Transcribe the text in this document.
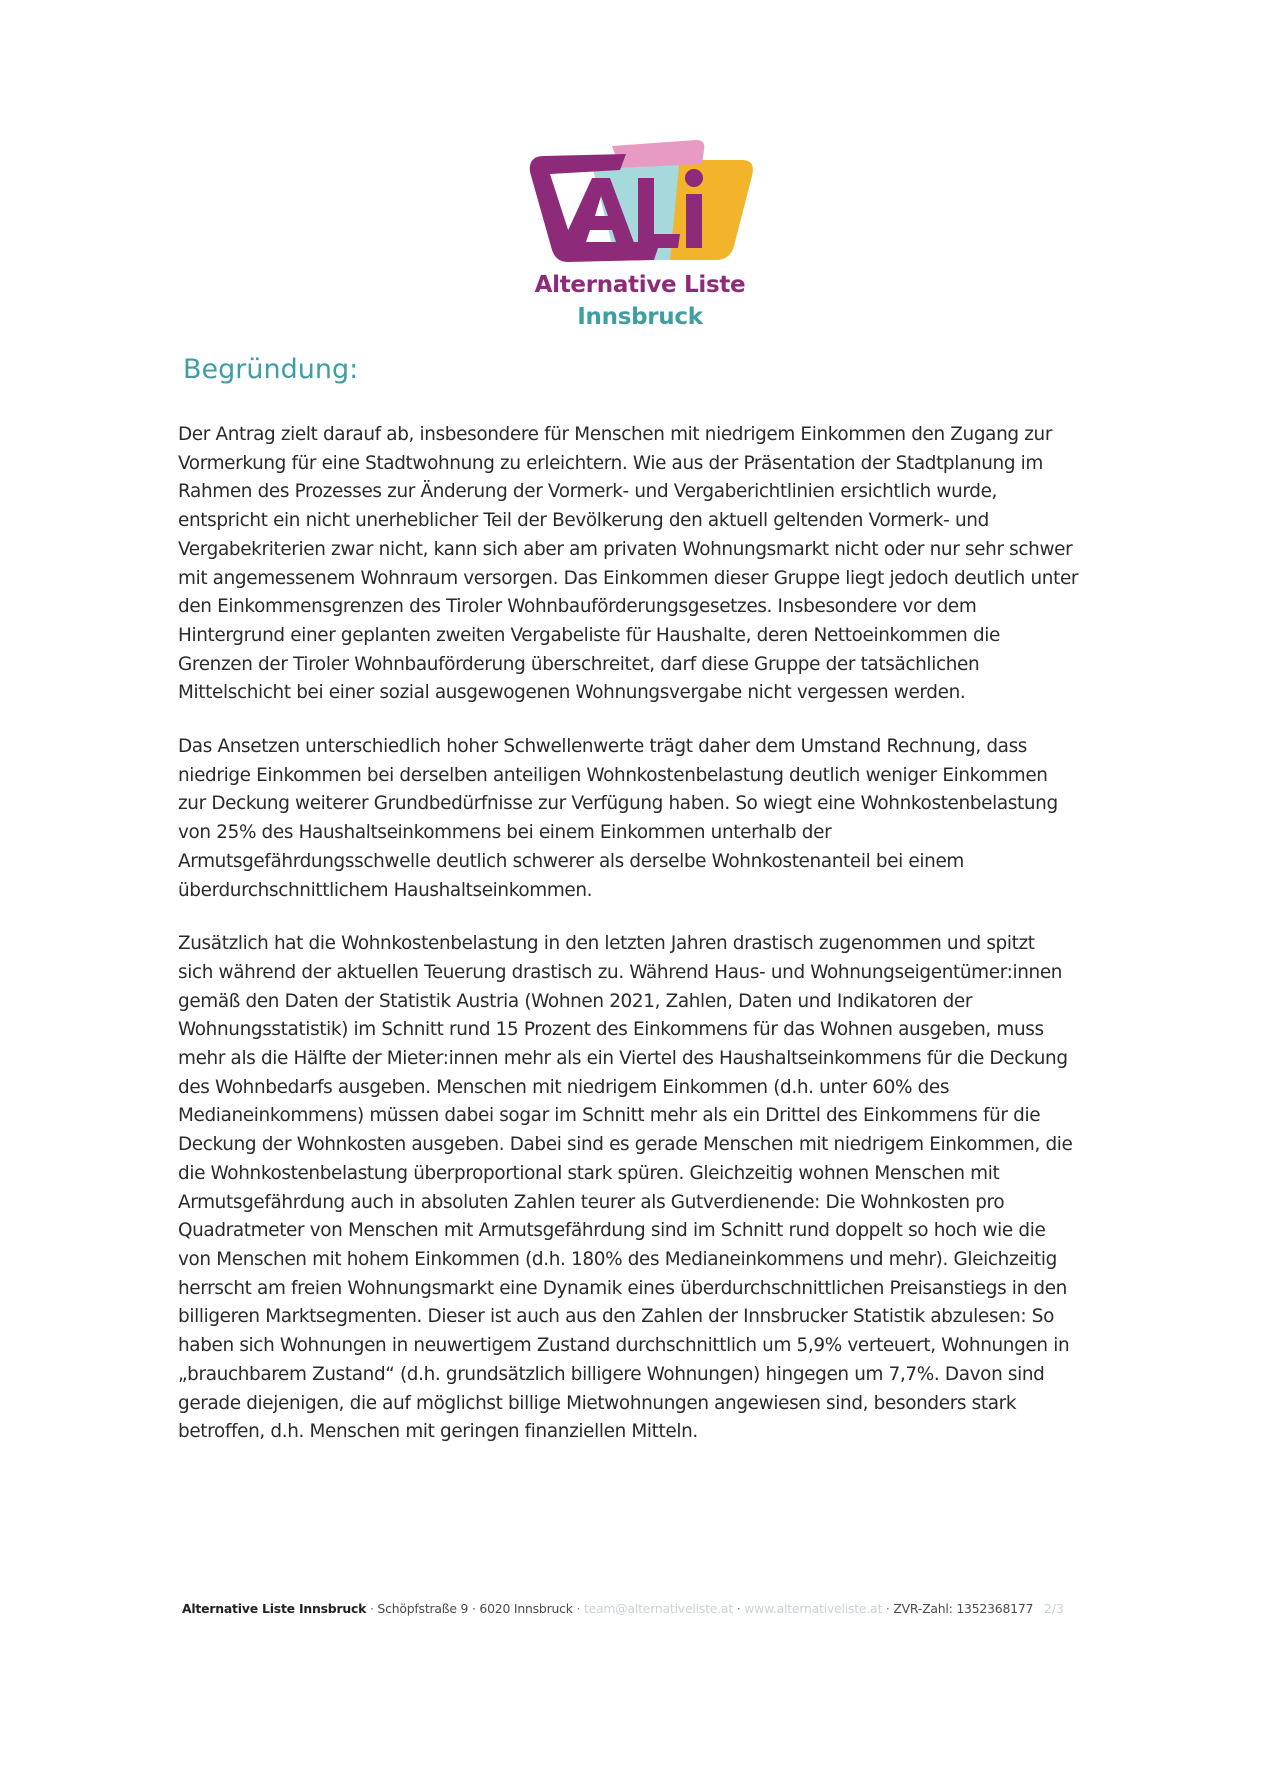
Alternative Liste
Innsbruck
Begründung:

Der Antrag zielt darauf ab, insbesondere für Menschen mit niedrigem Einkommen den Zugang zur
Vormerkung für eine Stadtwohnung zu erleichtern. Wie aus der Präsentation der Stadtplanung im
Rahmen des Prozesses zur Änderung der Vormerk- und Vergaberichtlinien ersichtlich wurde,
entspricht ein nicht unerheblicher Teil der Bevölkerung den aktuell geltenden Vormerk- und
Vergabekriterien zwar nicht, kann sich aber am privaten Wohnungsmarkt nicht oder nur sehr schwer
mit angemessenem Wohnraum versorgen. Das Einkommen dieser Gruppe liegt jedoch deutlich unter
den Einkommensgrenzen des Tiroler Wohnbauförderungsgesetzes. Insbesondere vor dem
Hintergrund einer geplanten zweiten Vergabeliste für Haushalte, deren Nettoeinkommen die
Grenzen der Tiroler Wohnbauförderung überschreitet, darf diese Gruppe der tatsächlichen
Mittelschicht bei einer sozial ausgewogenen Wohnungsvergabe nicht vergessen werden.

Das Ansetzen unterschiedlich hoher Schwellenwerte trägt daher dem Umstand Rechnung, dass
niedrige Einkommen bei derselben anteiligen Wohnkostenbelastung deutlich weniger Einkommen
zur Deckung weiterer Grundbedürfnisse zur Verfügung haben. So wiegt eine Wohnkostenbelastung
von 25% des Haushaltseinkommens bei einem Einkommen unterhalb der
Armutsgefährdungsschwelle deutlich schwerer als derselbe Wohnkostenanteil bei einem
überdurchschnittlichem Haushaltseinkommen.

Zusätzlich hat die Wohnkostenbelastung in den letzten Jahren drastisch zugenommen und spitzt
sich während der aktuellen Teuerung drastisch zu. Während Haus- und Wohnungseigentümer:innen
gemäß den Daten der Statistik Austria (Wohnen 2021, Zahlen, Daten und Indikatoren der
Wohnungsstatistik) im Schnitt rund 15 Prozent des Einkommens für das Wohnen ausgeben, muss
mehr als die Hälfte der Mieter:innen mehr als ein Viertel des Haushaltseinkommens für die Deckung
des Wohnbedarfs ausgeben. Menschen mit niedrigem Einkommen (d.h. unter 60% des
Medianeinkommens) müssen dabei sogar im Schnitt mehr als ein Drittel des Einkommens für die
Deckung der Wohnkosten ausgeben. Dabei sind es gerade Menschen mit niedrigem Einkommen, die
die Wohnkostenbelastung überproportional stark spüren. Gleichzeitig wohnen Menschen mit
Armutsgefährdung auch in absoluten Zahlen teurer als Gutverdienende: Die Wohnkosten pro
Quadratmeter von Menschen mit Armutsgefährdung sind im Schnitt rund doppelt so hoch wie die
von Menschen mit hohem Einkommen (d.h. 180% des Medianeinkommens und mehr). Gleichzeitig
herrscht am freien Wohnungsmarkt eine Dynamik eines überdurchschnittlichen Preisanstiegs in den
billigeren Marktsegmenten. Dieser ist auch aus den Zahlen der Innsbrucker Statistik abzulesen: So
haben sich Wohnungen in neuwertigem Zustand durchschnittlich um 5,9% verteuert, Wohnungen in
„brauchbarem Zustand“ (d.h. grundsätzlich billigere Wohnungen) hingegen um 7,7%. Davon sind
gerade diejenigen, die auf möglichst billige Mietwohnungen angewiesen sind, besonders stark
betroffen, d.h. Menschen mit geringen finanziellen Mitteln.

Alternative Liste Innsbruck · Schöpfstraße 9 · 6020 Innsbruck · team@alternativeliste.at · www.alternativeliste.at · ZVR-Zahl: 1352368177 2/3
